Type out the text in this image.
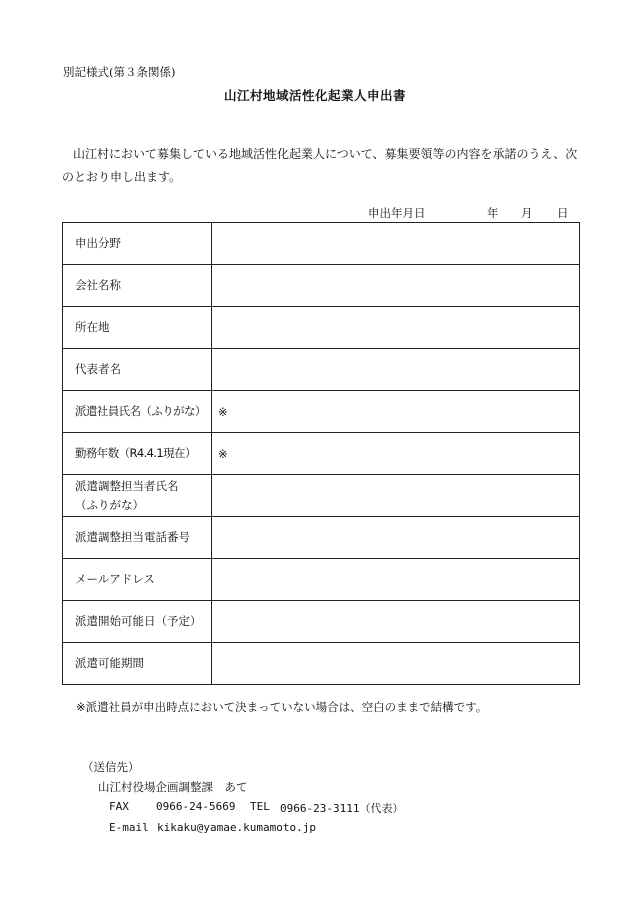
別記様式(第３条関係)
山江村地域活性化起業人申出書
山江村において募集している地域活性化起業人について、募集要領等の内容を承諾のうえ、次
のとおり申し出ます。
申出年月日	年 月 日
申出分野	
会社名称	
所在地	
代表者名	
派遣社員氏名（ふりがな）	※
勤務年数（R4.4.1現在）	※

派遣調整担当者氏名
（ふりがな）	

派遣調整担当電話番号	
メールアドレス	
派遣開始可能日（予定）	
派遣可能期間	
※派遣社員が申出時点において決まっていない場合は、空白のままで結構です。
（送信先）
山江村役場企画調整課　あて
FAX 0966-24-5669 TEL 0966-23-3111（代表）
E-mail kikaku@yamae.kumamoto.jp
